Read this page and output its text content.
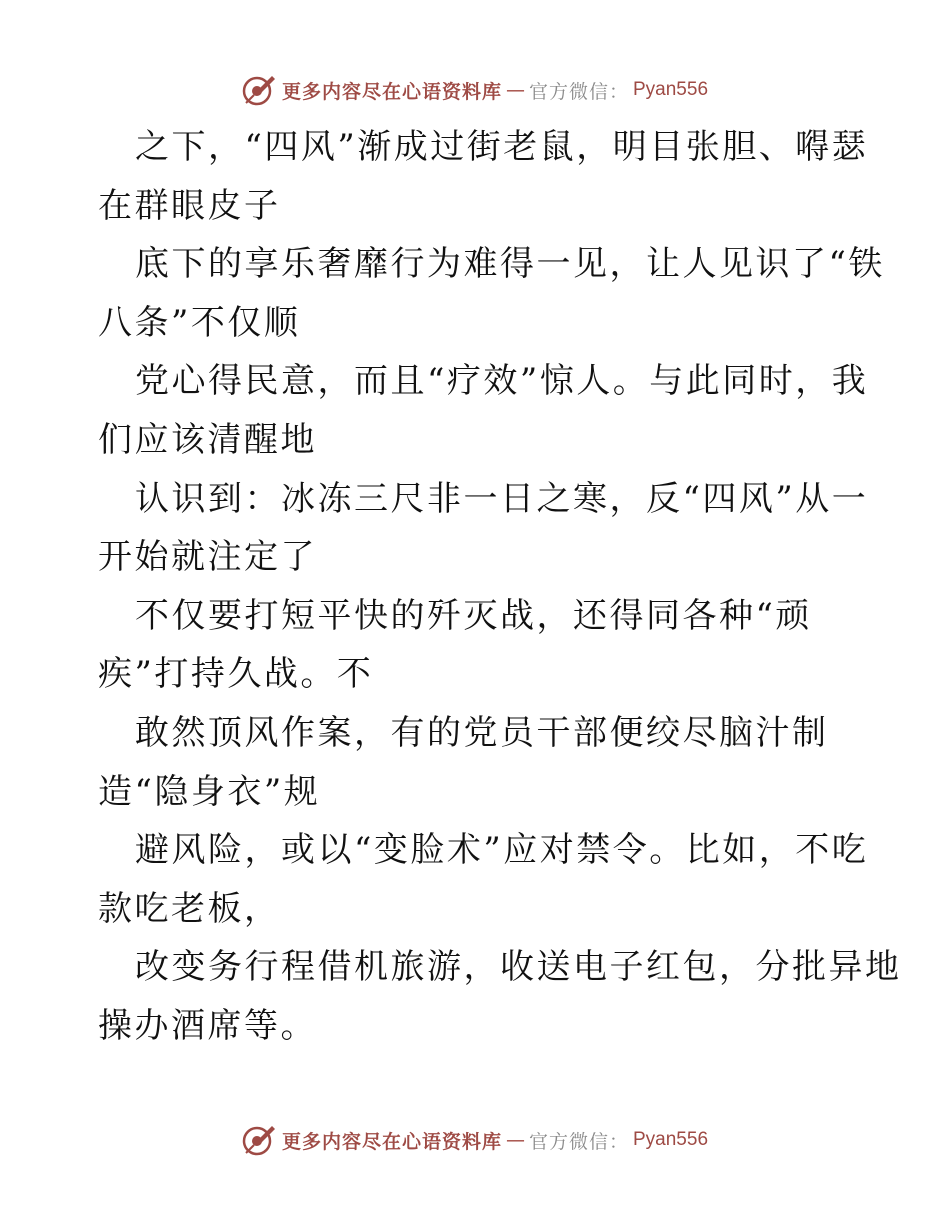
更多内容尽在心语资料库 — 官方微信： Pyan556
之下，“四风”渐成过街老鼠，明目张胆、嘚瑟
在群眼皮子
底下的享乐奢靡行为难得一见，让人见识了“铁
八条”不仅顺
党心得民意，而且“疗效”惊人。与此同时，我
们应该清醒地
认识到：冰冻三尺非一日之寒，反“四风”从一
开始就注定了
不仅要打短平快的歼灭战，还得同各种“顽
疾”打持久战。不
敢然顶风作案，有的党员干部便绞尽脑汁制
造“隐身衣”规
避风险，或以“变脸术”应对禁令。比如，不吃
款吃老板，
改变务行程借机旅游，收送电子红包，分批异地
操办酒席等。
更多内容尽在心语资料库 — 官方微信： Pyan556
